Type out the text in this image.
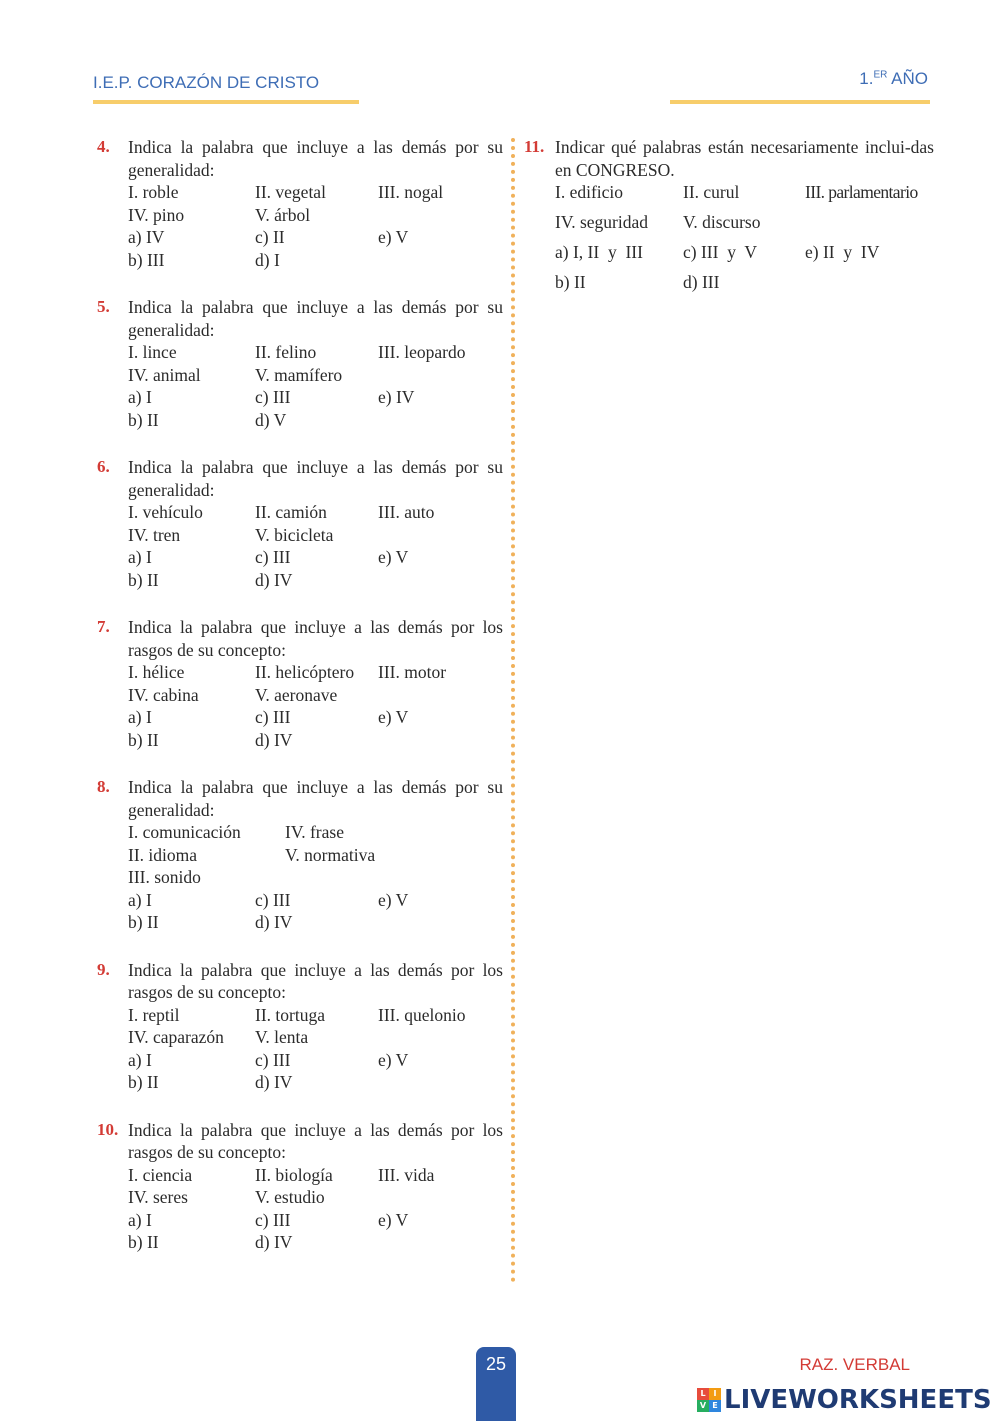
I.E.P. CORAZÓN DE CRISTO	1.$^{ER}$ AÑO
4. Indica la palabra que incluye a las demás por su generalidad:
I. roble	II. vegetal	III. nogal
IV. pino	V. árbol
a) IV	c) II	e) V
b) III	d) I
5. Indica la palabra que incluye a las demás por su generalidad:
I. lince	II. felino	III. leopardo
IV. animal	V. mamífero
a) I	c) III	e) IV
b) II	d) V
6. Indica la palabra que incluye a las demás por su generalidad:
I. vehículo	II. camión	III. auto
IV. tren	V. bicicleta
a) I	c) III	e) V
b) II	d) IV
7. Indica la palabra que incluye a las demás por los rasgos de su concepto:
I. hélice	II. helicóptero	III. motor
IV. cabina	V. aeronave
a) I	c) III	e) V
b) II	d) IV
8. Indica la palabra que incluye a las demás por su generalidad:
I. comunicación	IV. frase
II. idioma	V. normativa
III. sonido
a) I	c) III	e) V
b) II	d) IV
9. Indica la palabra que incluye a las demás por los rasgos de su concepto:
I. reptil	II. tortuga	III. quelonio
IV. caparazón	V. lenta
a) I	c) III	e) V
b) II	d) IV
10. Indica la palabra que incluye a las demás por los rasgos de su concepto:
I. ciencia	II. biología	III. vida
IV. seres	V. estudio
a) I	c) III	e) V
b) II	d) IV
11. Indicar qué palabras están necesariamente inclui-das en CONGRESO.
I. edificio	II. curul	III. parlamentario
IV. seguridad	V. discurso
a) I, II  y  III	c) III  y  V	e) II  y  IV
b) II	d) III
25	RAZ. VERBAL
L I
V E LIVEWORKSHEETS
